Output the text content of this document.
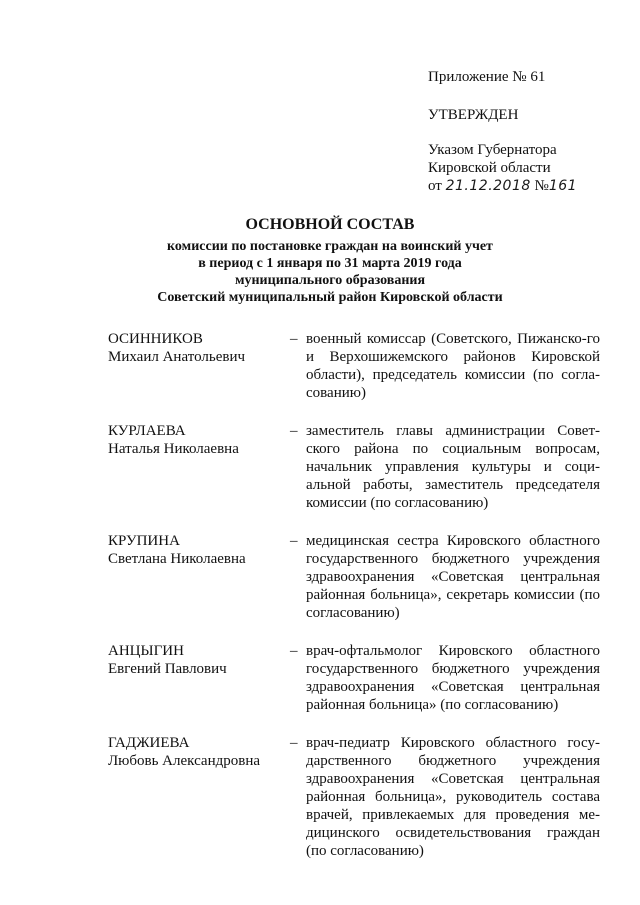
Приложение № 61
УТВЕРЖДЕН
Указом Губернатора
Кировской области
от 21.12.2018 №161
ОСНОВНОЙ СОСТАВ
комиссии по постановке граждан на воинский учет
в период с 1 января по 31 марта 2019 года
муниципального образования
Советский муниципальный район Кировской области
ОСИННИКОВ
Михаил Анатольевич
– военный комиссар (Советского, Пижанско-го и Верхошижемского районов Кировской области), председатель комиссии (по согла-сованию)
КУРЛАЕВА
Наталья Николаевна
– заместитель главы администрации Совет-ского района по социальным вопросам, начальник управления культуры и соци-альной работы, заместитель председателя комиссии (по согласованию)
КРУПИНА
Светлана Николаевна
– медицинская сестра Кировского областного государственного бюджетного учреждения здравоохранения «Советская центральная районная больница», секретарь комиссии (по согласованию)
АНЦЫГИН
Евгений Павлович
– врач-офтальмолог Кировского областного государственного бюджетного учреждения здравоохранения «Советская центральная районная больница» (по согласованию)
ГАДЖИЕВА
Любовь Александровна
– врач-педиатр Кировского областного госу-дарственного бюджетного учреждения здравоохранения «Советская центральная районная больница», руководитель состава врачей, привлекаемых для проведения ме-дицинского освидетельствования граждан (по согласованию)
